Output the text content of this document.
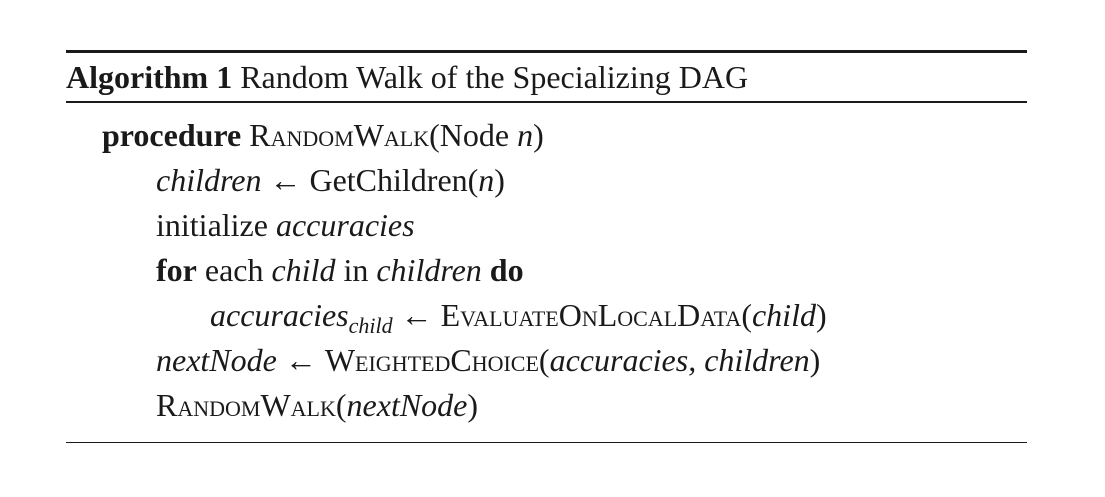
Algorithm 1
Random Walk of the Specializing DAG
procedure RandomWalk(Node n)
children ← GetChildren(n)
initialize accuracies
for each child in children do
accuracies$_{child}$ ← EvaluateOnLocalData(child)
nextNode ← WeightedChoice(accuracies, children)
RandomWalk(nextNode)
